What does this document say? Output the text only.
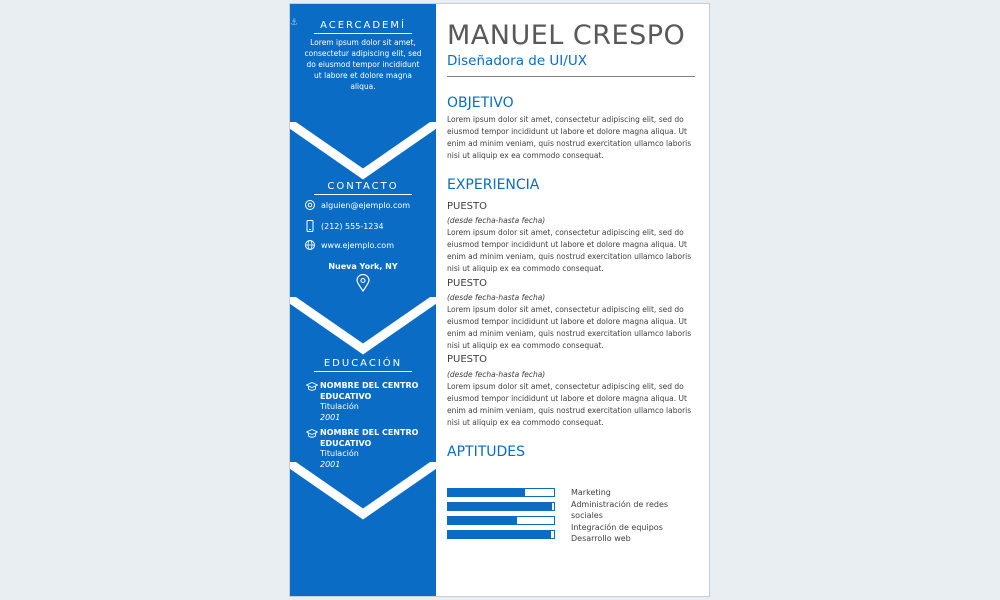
⚓	ACERCADEMÍ
Lorem ipsum dolor sit amet, consectetur adipiscing elit, sed do eiusmod tempor incididunt ut labore et dolore magna aliqua.
CONTACTO
alguien@ejemplo.com
(212) 555-1234
www.ejemplo.com
Nueva York, NY
EDUCACIÓN
NOMBRE DEL CENTRO EDUCATIVO
Titulación
2001
NOMBRE DEL CENTRO EDUCATIVO
Titulación
2001
MANUEL CRESPO
Diseñadora de UI/UX
OBJETIVO
Lorem ipsum dolor sit amet, consectetur adipiscing elit, sed do eiusmod tempor incididunt ut labore et dolore magna aliqua. Ut enim ad minim veniam, quis nostrud exercitation ullamco laboris nisi ut aliquip ex ea commodo consequat.
EXPERIENCIA
PUESTO
(desde fecha-hasta fecha)
Lorem ipsum dolor sit amet, consectetur adipiscing elit, sed do eiusmod tempor incididunt ut labore et dolore magna aliqua. Ut enim ad minim veniam, quis nostrud exercitation ullamco laboris nisi ut aliquip ex ea commodo consequat.
PUESTO
(desde fecha-hasta fecha)
Lorem ipsum dolor sit amet, consectetur adipiscing elit, sed do eiusmod tempor incididunt ut labore et dolore magna aliqua. Ut enim ad minim veniam, quis nostrud exercitation ullamco laboris nisi ut aliquip ex ea commodo consequat.
PUESTO
(desde fecha-hasta fecha)
Lorem ipsum dolor sit amet, consectetur adipiscing elit, sed do eiusmod tempor incididunt ut labore et dolore magna aliqua. Ut enim ad minim veniam, quis nostrud exercitation ullamco laboris nisi ut aliquip ex ea commodo consequat.
APTITUDES
Marketing
Administración de redes sociales
Integración de equipos
Desarrollo web
